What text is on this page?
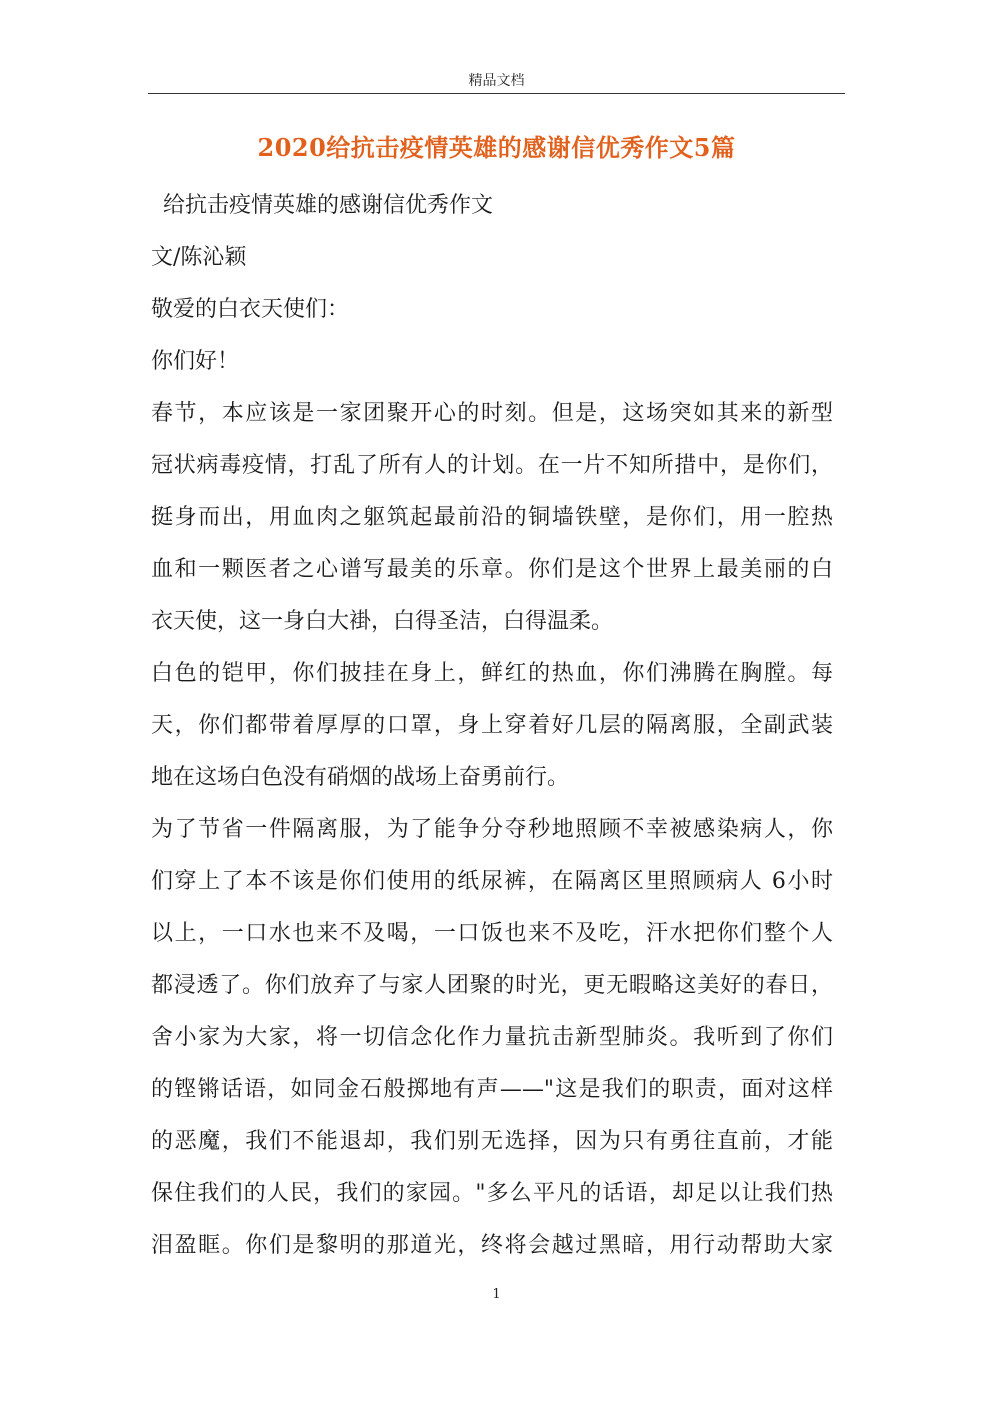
精品文档
2020给抗击疫情英雄的感谢信优秀作文5篇
给抗击疫情英雄的感谢信优秀作文
文/陈沁颖
敬爱的白衣天使们：
你们好！
春节，本应该是一家团聚开心的时刻。但是，这场突如其来的新型
冠状病毒疫情，打乱了所有人的计划。在一片不知所措中，是你们，
挺身而出，用血肉之躯筑起最前沿的铜墙铁壁，是你们，用一腔热
血和一颗医者之心谱写最美的乐章。你们是这个世界上最美丽的白
衣天使，这一身白大褂，白得圣洁，白得温柔。
白色的铠甲，你们披挂在身上，鲜红的热血，你们沸腾在胸膛。每
天，你们都带着厚厚的口罩，身上穿着好几层的隔离服，全副武装
地在这场白色没有硝烟的战场上奋勇前行。
为了节省一件隔离服，为了能争分夺秒地照顾不幸被感染病人，你
们穿上了本不该是你们使用的纸尿裤，在隔离区里照顾病人 6小时
以上，一口水也来不及喝，一口饭也来不及吃，汗水把你们整个人
都浸透了。你们放弃了与家人团聚的时光，更无暇略这美好的春日，
舍小家为大家，将一切信念化作力量抗击新型肺炎。我听到了你们
的铿锵话语，如同金石般掷地有声——"这是我们的职责，面对这样
的恶魔，我们不能退却，我们别无选择，因为只有勇往直前，才能
保住我们的人民，我们的家园。"多么平凡的话语，却足以让我们热
泪盈眶。你们是黎明的那道光，终将会越过黑暗，用行动帮助大家
1
